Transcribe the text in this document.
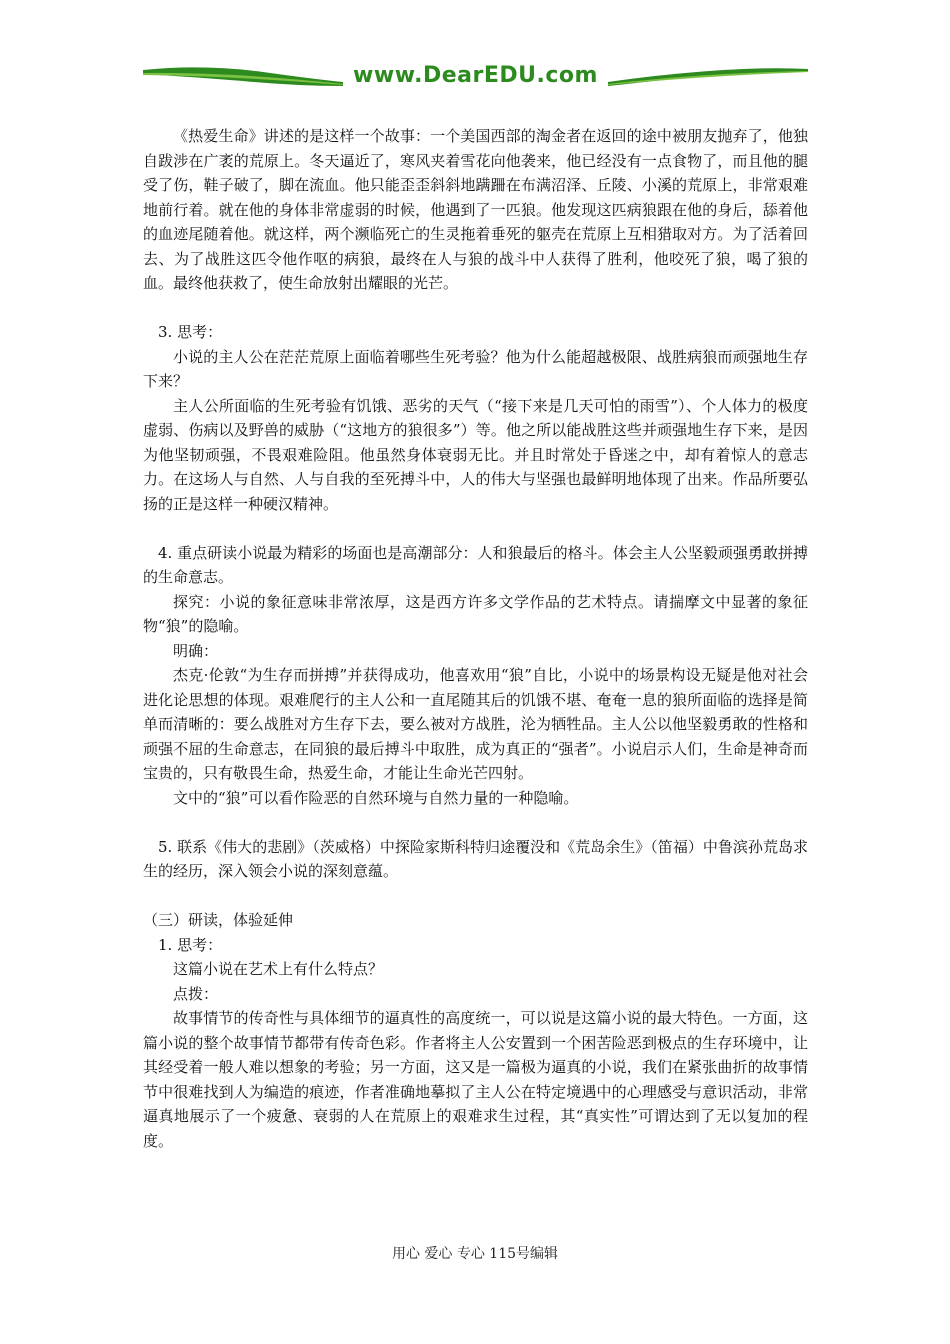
www.DearEDU.com

《热爱生命》讲述的是这样一个故事：一个美国西部的淘金者在返回的途中被朋友抛弃了，他独自跋涉在广袤的荒原上。冬天逼近了，寒风夹着雪花向他袭来，他已经没有一点食物了，而且他的腿受了伤，鞋子破了，脚在流血。他只能歪歪斜斜地蹒跚在布满沼泽、丘陵、小溪的荒原上，非常艰难地前行着。就在他的身体非常虚弱的时候，他遇到了一匹狼。他发现这匹病狼跟在他的身后，舔着他的血迹尾随着他。就这样，两个濒临死亡的生灵拖着垂死的躯壳在荒原上互相猎取对方。为了活着回去、为了战胜这匹令他作呕的病狼，最终在人与狼的战斗中人获得了胜利，他咬死了狼，喝了狼的血。最终他获救了，使生命放射出耀眼的光芒。

3. 思考：

小说的主人公在茫茫荒原上面临着哪些生死考验？他为什么能超越极限、战胜病狼而顽强地生存下来？

主人公所面临的生死考验有饥饿、恶劣的天气（“接下来是几天可怕的雨雪”）、个人体力的极度虚弱、伤病以及野兽的威胁（“这地方的狼很多”）等。他之所以能战胜这些并顽强地生存下来，是因为他坚韧顽强，不畏艰难险阻。他虽然身体衰弱无比。并且时常处于昏迷之中，却有着惊人的意志力。在这场人与自然、人与自我的至死搏斗中，人的伟大与坚强也最鲜明地体现了出来。作品所要弘扬的正是这样一种硬汉精神。

4. 重点研读小说最为精彩的场面也是高潮部分：人和狼最后的格斗。体会主人公坚毅顽强勇敢拼搏的生命意志。

探究：小说的象征意味非常浓厚，这是西方许多文学作品的艺术特点。请揣摩文中显著的象征物“狼”的隐喻。

明确：

杰克·伦敦“为生存而拼搏”并获得成功，他喜欢用“狼”自比，小说中的场景构设无疑是他对社会进化论思想的体现。艰难爬行的主人公和一直尾随其后的饥饿不堪、奄奄一息的狼所面临的选择是简单而清晰的：要么战胜对方生存下去，要么被对方战胜，沦为牺牲品。主人公以他坚毅勇敢的性格和顽强不屈的生命意志，在同狼的最后搏斗中取胜，成为真正的“强者”。小说启示人们，生命是神奇而宝贵的，只有敬畏生命，热爱生命，才能让生命光芒四射。

文中的“狼”可以看作险恶的自然环境与自然力量的一种隐喻。

5. 联系《伟大的悲剧》（茨威格）中探险家斯科特归途覆没和《荒岛余生》（笛福）中鲁滨孙荒岛求生的经历，深入领会小说的深刻意蕴。

（三）研读，体验延伸

1. 思考：

这篇小说在艺术上有什么特点？

点拨：

故事情节的传奇性与具体细节的逼真性的高度统一，可以说是这篇小说的最大特色。一方面，这篇小说的整个故事情节都带有传奇色彩。作者将主人公安置到一个困苦险恶到极点的生存环境中，让其经受着一般人难以想象的考验；另一方面，这又是一篇极为逼真的小说，我们在紧张曲折的故事情节中很难找到人为编造的痕迹，作者准确地摹拟了主人公在特定境遇中的心理感受与意识活动，非常逼真地展示了一个疲惫、衰弱的人在荒原上的艰难求生过程，其“真实性”可谓达到了无以复加的程度。

用心 爱心 专心 115号编辑
